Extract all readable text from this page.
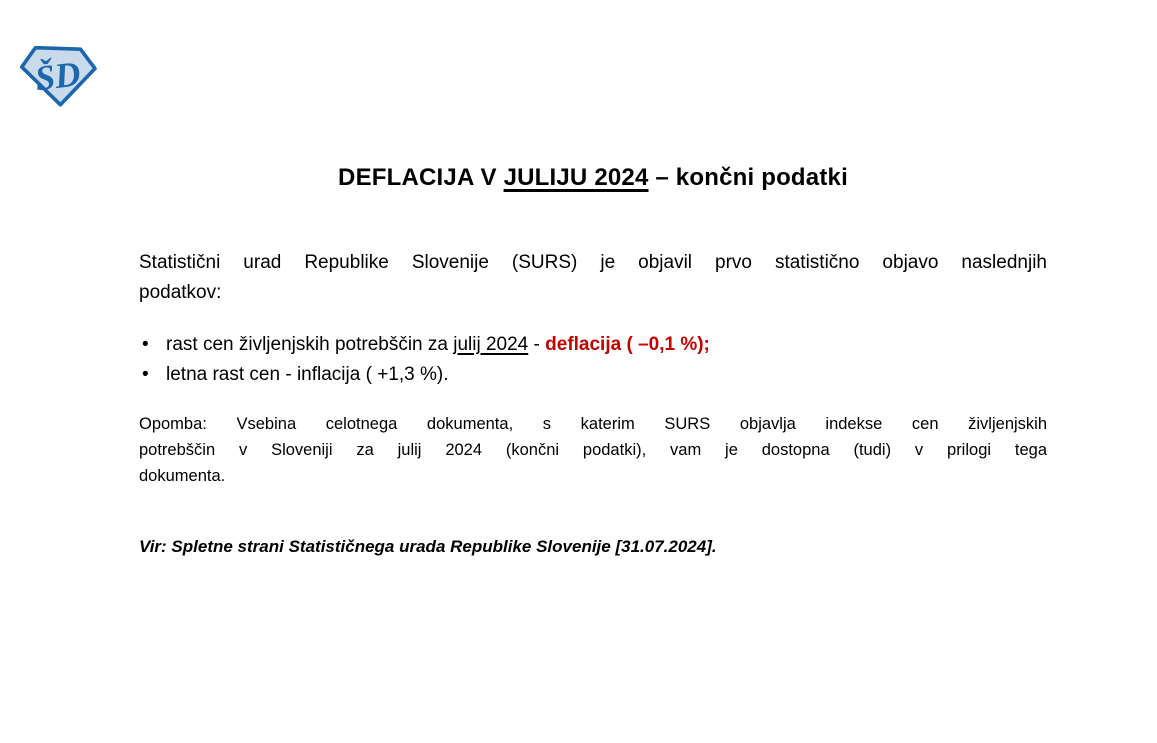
ŠD
DEFLACIJA V JULIJU 2024 – končni podatki
Statistični urad Republike Slovenije (SURS) je objavil prvo statistično objavo naslednjih
podatkov:
• rast cen življenjskih potrebščin za julij 2024 - deflacija ( –0,1 %);
• letna rast cen - inflacija ( +1,3 %).
Opomba: Vsebina celotnega dokumenta, s katerim SURS objavlja indekse cen življenjskih
potrebščin v Sloveniji za julij 2024 (končni podatki), vam je dostopna (tudi) v prilogi tega
dokumenta.
Vir: Spletne strani Statističnega urada Republike Slovenije [31.07.2024].
